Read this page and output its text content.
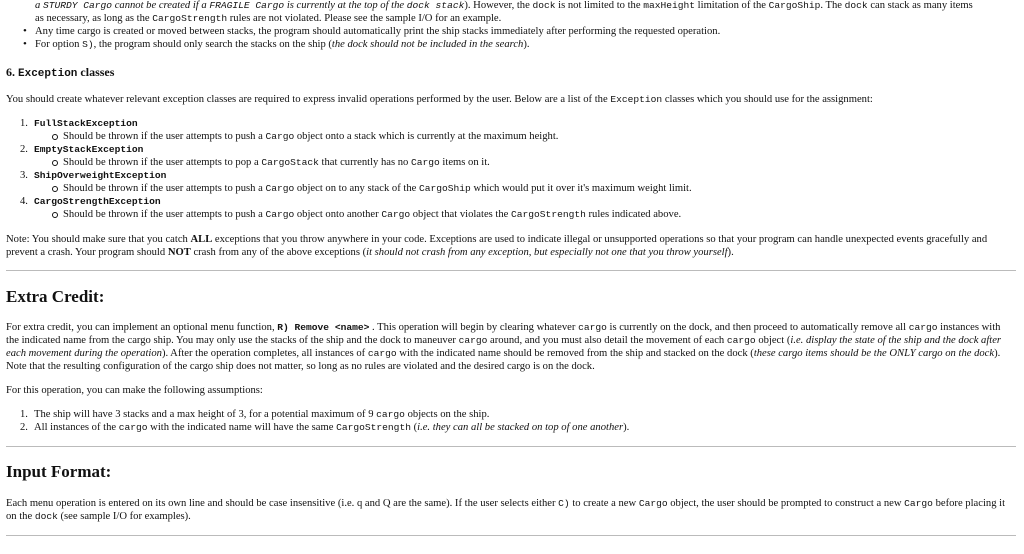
a STURDY Cargo cannot be created if a FRAGILE Cargo is currently at the top of the dock stack). However, the dock is not limited to the maxHeight limitation of the CargoShip. The dock can stack as many items

as necessary, as long as the CargoStrength rules are not violated. Please see the sample I/O for an example.

• Any time cargo is created or moved between stacks, the program should automatically print the ship stacks immediately after performing the requested operation.
• For option S), the program should only search the stacks on the ship (the dock should not be included in the search).
6. Exception classes

You should create whatever relevant exception classes are required to express invalid operations performed by the user. Below are a list of the Exception classes which you should use for the assignment:

1. FullStackException
Should be thrown if the user attempts to push a Cargo object onto a stack which is currently at the maximum height.
2. EmptyStackException
Should be thrown if the user attempts to pop a CargoStack that currently has no Cargo items on it.
3. ShipOverweightException
Should be thrown if the user attempts to push a Cargo object on to any stack of the CargoShip which would put it over it's maximum weight limit.
4. CargoStrengthException
Should be thrown if the user attempts to push a Cargo object onto another Cargo object that violates the CargoStrength rules indicated above.

Note: You should make sure that you catch ALL exceptions that you throw anywhere in your code. Exceptions are used to indicate illegal or unsupported operations so that your program can handle unexpected events gracefully and prevent a crash. Your program should NOT crash from any of the above exceptions (it should not crash from any exception, but especially not one that you throw yourself).

Extra Credit:

For extra credit, you can implement an optional menu function, R) Remove <name> . This operation will begin by clearing whatever cargo is currently on the dock, and then proceed to automatically remove all cargo instances with the indicated name from the cargo ship. You may only use the stacks of the ship and the dock to maneuver cargo around, and you must also detail the movement of each cargo object (i.e. display the state of the ship and the dock after each movement during the operation). After the operation completes, all instances of cargo with the indicated name should be removed from the ship and stacked on the dock (these cargo items should be the ONLY cargo on the dock). Note that the resulting configuration of the cargo ship does not matter, so long as no rules are violated and the desired cargo is on the dock.

For this operation, you can make the following assumptions:

1. The ship will have 3 stacks and a max height of 3, for a potential maximum of 9 cargo objects on the ship.
2. All instances of the cargo with the indicated name will have the same CargoStrength (i.e. they can all be stacked on top of one another).
Input Format:

Each menu operation is entered on its own line and should be case insensitive (i.e. q and Q are the same). If the user selects either C) to create a new Cargo object, the user should be prompted to construct a new Cargo before placing it on the dock (see sample I/O for examples).
